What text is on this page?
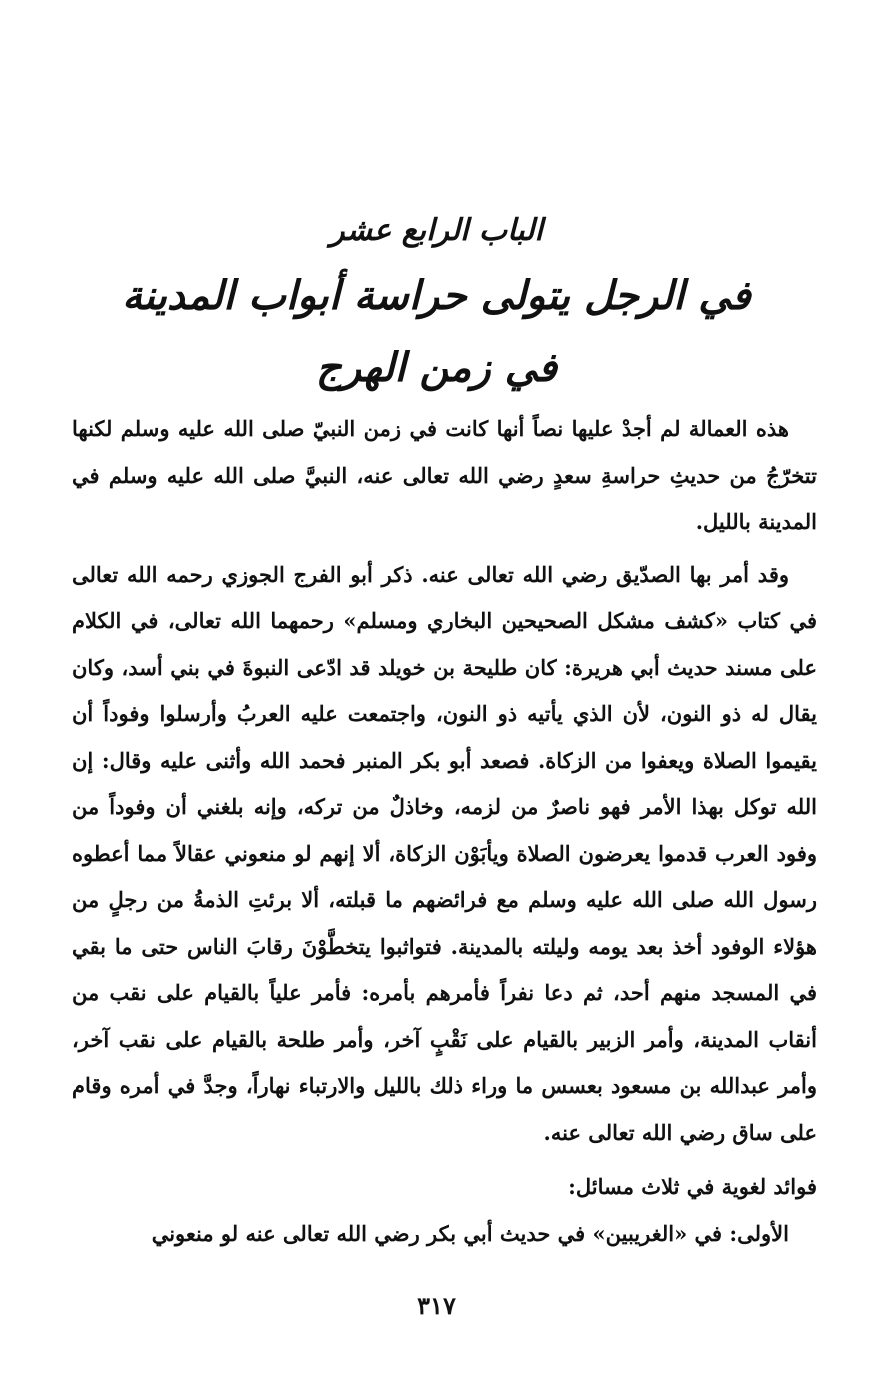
الباب الرابع عشر
في الرجل يتولى حراسة أبواب المدينة
في زمن الهرج

هذه العمالة لم أجدْ عليها نصاً أنها كانت في زمن النبيّ صلى الله عليه وسلم لكنها تتخرّجُ من حديثِ حراسةِ سعدٍ رضي الله تعالى عنه، النبيَّ صلى الله عليه وسلم في المدينة بالليل.

وقد أمر بها الصدّيق رضي الله تعالى عنه. ذكر أبو الفرج الجوزي رحمه الله تعالى في كتاب «كشف مشكل الصحيحين البخاري ومسلم» رحمهما الله تعالى، في الكلام على مسند حديث أبي هريرة: كان طليحة بن خويلد قد ادّعى النبوةَ في بني أسد، وكان يقال له ذو النون، لأن الذي يأتيه ذو النون، واجتمعت عليه العربُ وأرسلوا وفوداً أن يقيموا الصلاة ويعفوا من الزكاة. فصعد أبو بكر المنبر فحمد الله وأثنى عليه وقال: إن الله توكل بهذا الأمر فهو ناصرٌ من لزمه، وخاذلٌ من تركه، وإنه بلغني أن وفوداً من وفود العرب قدموا يعرضون الصلاة ويأبَوْن الزكاة، ألا إنهم لو منعوني عقالاً مما أعطوه رسول الله صلى الله عليه وسلم مع فرائضهم ما قبلته، ألا برئتِ الذمةُ من رجلٍ من هؤلاء الوفود أخذ بعد يومه وليلته بالمدينة. فتواثبوا يتخطَّوْنَ رقابَ الناس حتى ما بقي في المسجد منهم أحد، ثم دعا نفراً فأمرهم بأمره: فأمر علياً بالقيام على نقب من أنقاب المدينة، وأمر الزبير بالقيام على نَقْبٍ آخر، وأمر طلحة بالقيام على نقب آخر، وأمر عبدالله بن مسعود بعسس ما وراء ذلك بالليل والارتباء نهاراً، وجدَّ في أمره وقام على ساق رضي الله تعالى عنه.

فوائد لغوية في ثلاث مسائل:

الأولى: في «الغريبين» في حديث أبي بكر رضي الله تعالى عنه لو منعوني

٣١٧
